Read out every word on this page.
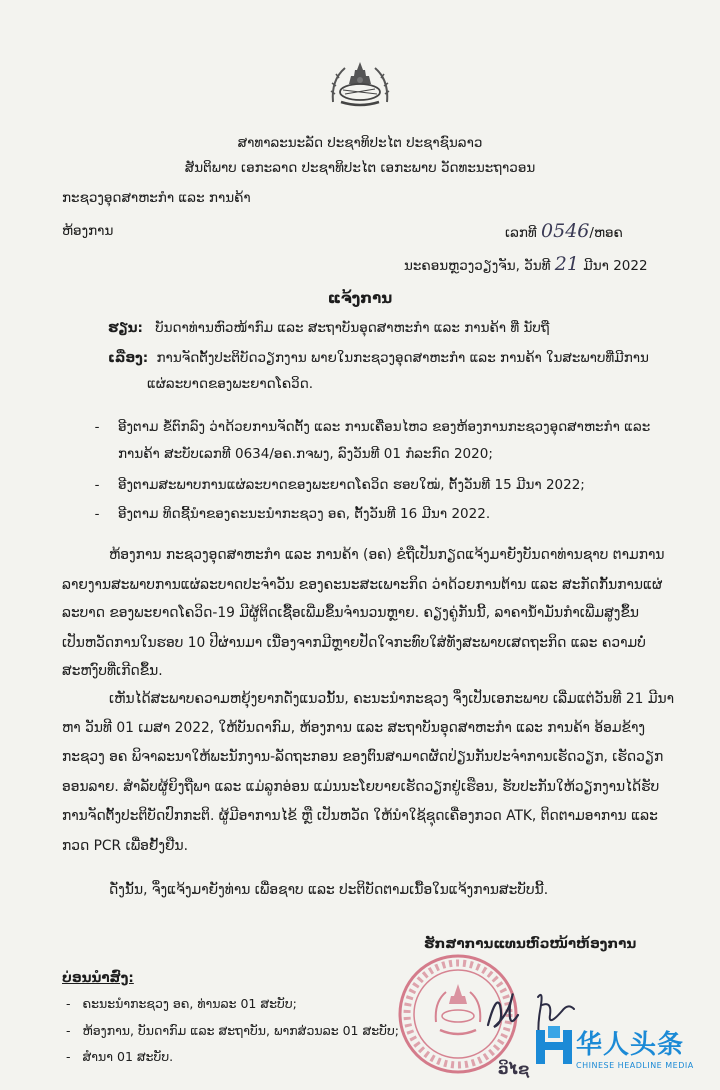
ສາທາລະນະລັດ ປະຊາທິປະໄຕ ປະຊາຊົນລາວ
ສັນຕິພາບ ເອກະລາດ ປະຊາທິປະໄຕ ເອກະພາບ ວັດທະນະຖາວອນ
ກະຊວງອຸດສາຫະກໍາ ແລະ ການຄ້າ
ຫ້ອງການ	ເລກທີ 0546/ຫອຄ
ນະຄອນຫຼວງວຽງຈັນ, ວັນທີ 21 ມີນາ 2022
ແຈ້ງການ
ຮຽນ: ບັນດາທ່ານຫົວໜ້າກົມ ແລະ ສະຖາບັນອຸດສາຫະກໍາ ແລະ ການຄ້າ ທີ່ ນັບຖື
ເລື່ອງ: ການຈັດຕັ້ງປະຕິບັດວຽກງານ ພາຍໃນກະຊວງອຸດສາຫະກໍາ ແລະ ການຄ້າ ໃນສະພາບທີ່ມີການ
ແຜ່ລະບາດຂອງພະຍາດໂຄວິດ.
-	ອີງຕາມ ຂໍ້ຕົກລົງ ວ່າດ້ວຍການຈັດຕັ້ງ ແລະ ການເຄື່ອນໄຫວ ຂອງຫ້ອງການກະຊວງອຸດສາຫະກໍາ ແລະ
ການຄ້າ ສະບັບເລກທີ 0634/ອຄ.ກຈພງ, ລົງວັນທີ 01 ກໍລະກົດ 2020;
-	ອີງຕາມສະພາບການແຜ່ລະບາດຂອງພະຍາດໂຄວິດ ຮອບໃໝ່, ຕັ້ງວັນທີ 15 ມີນາ 2022;
-	ອີງຕາມ ທິດຊີ້ນໍາຂອງຄະນະນໍາກະຊວງ ອຄ, ຕັ້ງວັນທີ 16 ມີນາ 2022.
ຫ້ອງການ ກະຊວງອຸດສາຫະກໍາ ແລະ ການຄ້າ (ອຄ) ຂໍຖືເປັນກຽດແຈ້ງມາຍັງບັນດາທ່ານຊາບ ຕາມການ
ລາຍງານສະພາບການແຜ່ລະບາດປະຈໍາວັນ ຂອງຄະນະສະເພາະກິດ ວ່າດ້ວຍການຕ້ານ ແລະ ສະກັດກັ້ນການແຜ່
ລະບາດ ຂອງພະຍາດໂຄວິດ-19 ມີຜູ້ຕິດເຊື້ອເພີ່ມຂຶ້ນຈໍານວນຫຼາຍ. ຄຽງຄູ່ກັນນີ້, ລາຄານໍ້າມັນກໍາເພີ່ມສູງຂຶ້ນ
ເປັນຫວັດການໃນຮອບ 10 ປີຜ່ານມາ ເນື່ອງຈາກມີຫຼາຍປັດໃຈກະທົບໃສ່ທັງສະພາບເສດຖະກິດ ແລະ ຄວາມບໍ່
ສະຫງົບທີ່ເກີດຂຶ້ນ.
ເຫັນໄດ້ສະພາບຄວາມຫຍຸ້ງຍາກດັ່ງແນວນັ້ນ, ຄະນະນໍາກະຊວງ ຈຶ່ງເປັນເອກະພາບ ເລີ່ມແຕ່ວັນທີ 21 ມີນາ
ຫາ ວັນທີ 01 ເມສາ 2022, ໃຫ້ບັນດາກົມ, ຫ້ອງການ ແລະ ສະຖາບັນອຸດສາຫະກໍາ ແລະ ການຄ້າ ອ້ອມຂ້າງ
ກະຊວງ ອຄ ພິຈາລະນາໃຫ້ພະນັກງານ-ລັດຖະກອນ ຂອງຕົນສາມາດຜັດປ່ຽນກັນປະຈໍາການເຮັດວຽກ, ເຮັດວຽກ
ອອນລາຍ. ສໍາລັບຜູ້ຍິງຖືພາ ແລະ ແມ່ລູກອ່ອນ ແມ່ນນະໂຍບາຍເຮັດວຽກຢູ່ເຮືອນ, ຮັບປະກັນໃຫ້ວຽກງານໄດ້ຮັບ
ການຈັດຕັ້ງປະຕິບັດປົກກະຕິ. ຜູ້ມີອາການໄຂ້ ຫຼື ເປັນຫວັດ ໃຫ້ນໍາໃຊ້ຊຸດເຄື່ອງກວດ ATK, ຕິດຕາມອາການ ແລະ
ກວດ PCR ເພື່ອຢັ້ງຢືນ.
ດັ່ງນັ້ນ, ຈຶ່ງແຈ້ງມາຍັງທ່ານ ເພື່ອຊາບ ແລະ ປະຕິບັດຕາມເນື້ອໃນແຈ້ງການສະບັບນີ້.
ຮັກສາການແທນຫົວໜ້າຫ້ອງການ
ວິໄຊ
ບ່ອນນໍາສົ່ງ:
- ຄະນະນໍາກະຊວງ ອຄ, ທ່ານລະ 01 ສະບັບ;
- ຫ້ອງການ, ບັນດາກົມ ແລະ ສະຖາບັນ, ພາກສ່ວນລະ 01 ສະບັບ;
- ສໍານາ 01 ສະບັບ.	华人头条
CHINESE HEADLINE MEDIA
